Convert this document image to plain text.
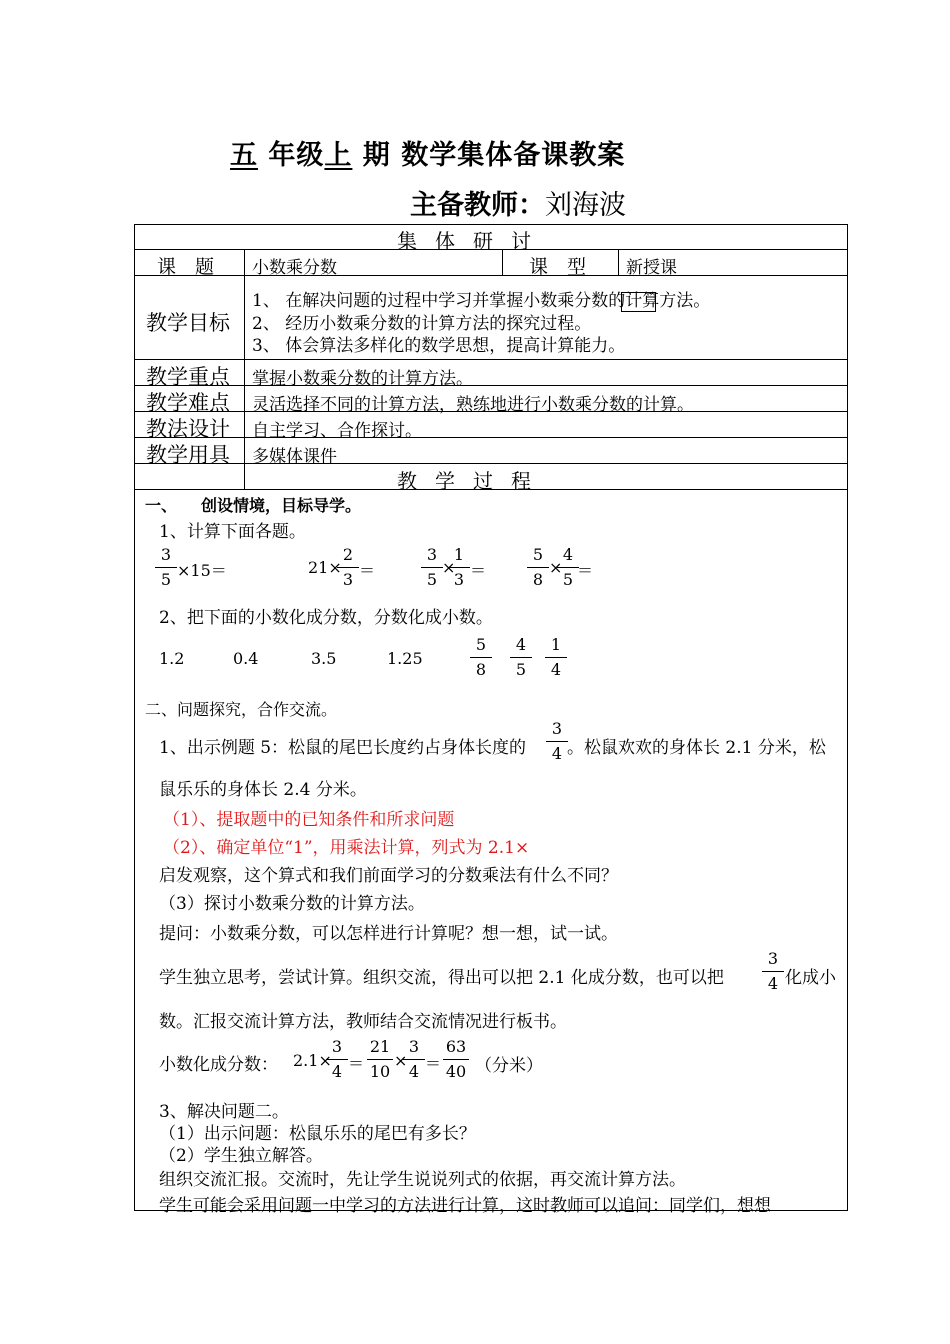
五 年级上 期 数学集体备课教案
主备教师：刘海波
集体研讨
课　题 小数乘分数	课　型 新授课
教学目标
1、 在解决问题的过程中学习并掌握小数乘分数的计算方法。
2、 经历小数乘分数的计算方法的探究过程。
3、 体会算法多样化的数学思想，提高计算能力。
教学重点 掌握小数乘分数的计算方法。
教学难点 灵活选择不同的计算方法，熟练地进行小数乘分数的计算。
教法设计 自主学习、合作探讨。
教学用具 多媒体课件
教学过程
一、　　创设情境，目标导学。
1、计算下面各题。
3
5 ×15＝	21×
2
3 ＝
3
5
×
1
3 ＝
5
8
×
4
5 ＝
2、把下面的小数化成分数，分数化成小数。
1.2	0.4	3.5	1.25
5
8
4
5
1
4
二、问题探究，合作交流。
1、出示例题 5：松鼠的尾巴长度约占身体长度的
3
4 。松鼠欢欢的身体长 2.1 分米，松
鼠乐乐的身体长 2.4 分米。
（1）、提取题中的已知条件和所求问题
（2）、确定单位“1”，用乘法计算，列式为 2.1×
启发观察，这个算式和我们前面学习的分数乘法有什么不同？
（3）探讨小数乘分数的计算方法。
提问：小数乘分数，可以怎样进行计算呢？想一想，试一试。
学生独立思考，尝试计算。组织交流，得出可以把 2.1 化成分数，也可以把
3
4 化成小
数。汇报交流计算方法，教师结合交流情况进行板书。
小数化成分数： 2.1×
3
4 ＝
21
10
×
3
4 ＝
63
40 （分米）
3、解决问题二。
（1）出示问题：松鼠乐乐的尾巴有多长？
（2）学生独立解答。
组织交流汇报。交流时，先让学生说说列式的依据，再交流计算方法。
学生可能会采用问题一中学习的方法进行计算，这时教师可以追问：同学们，想想
